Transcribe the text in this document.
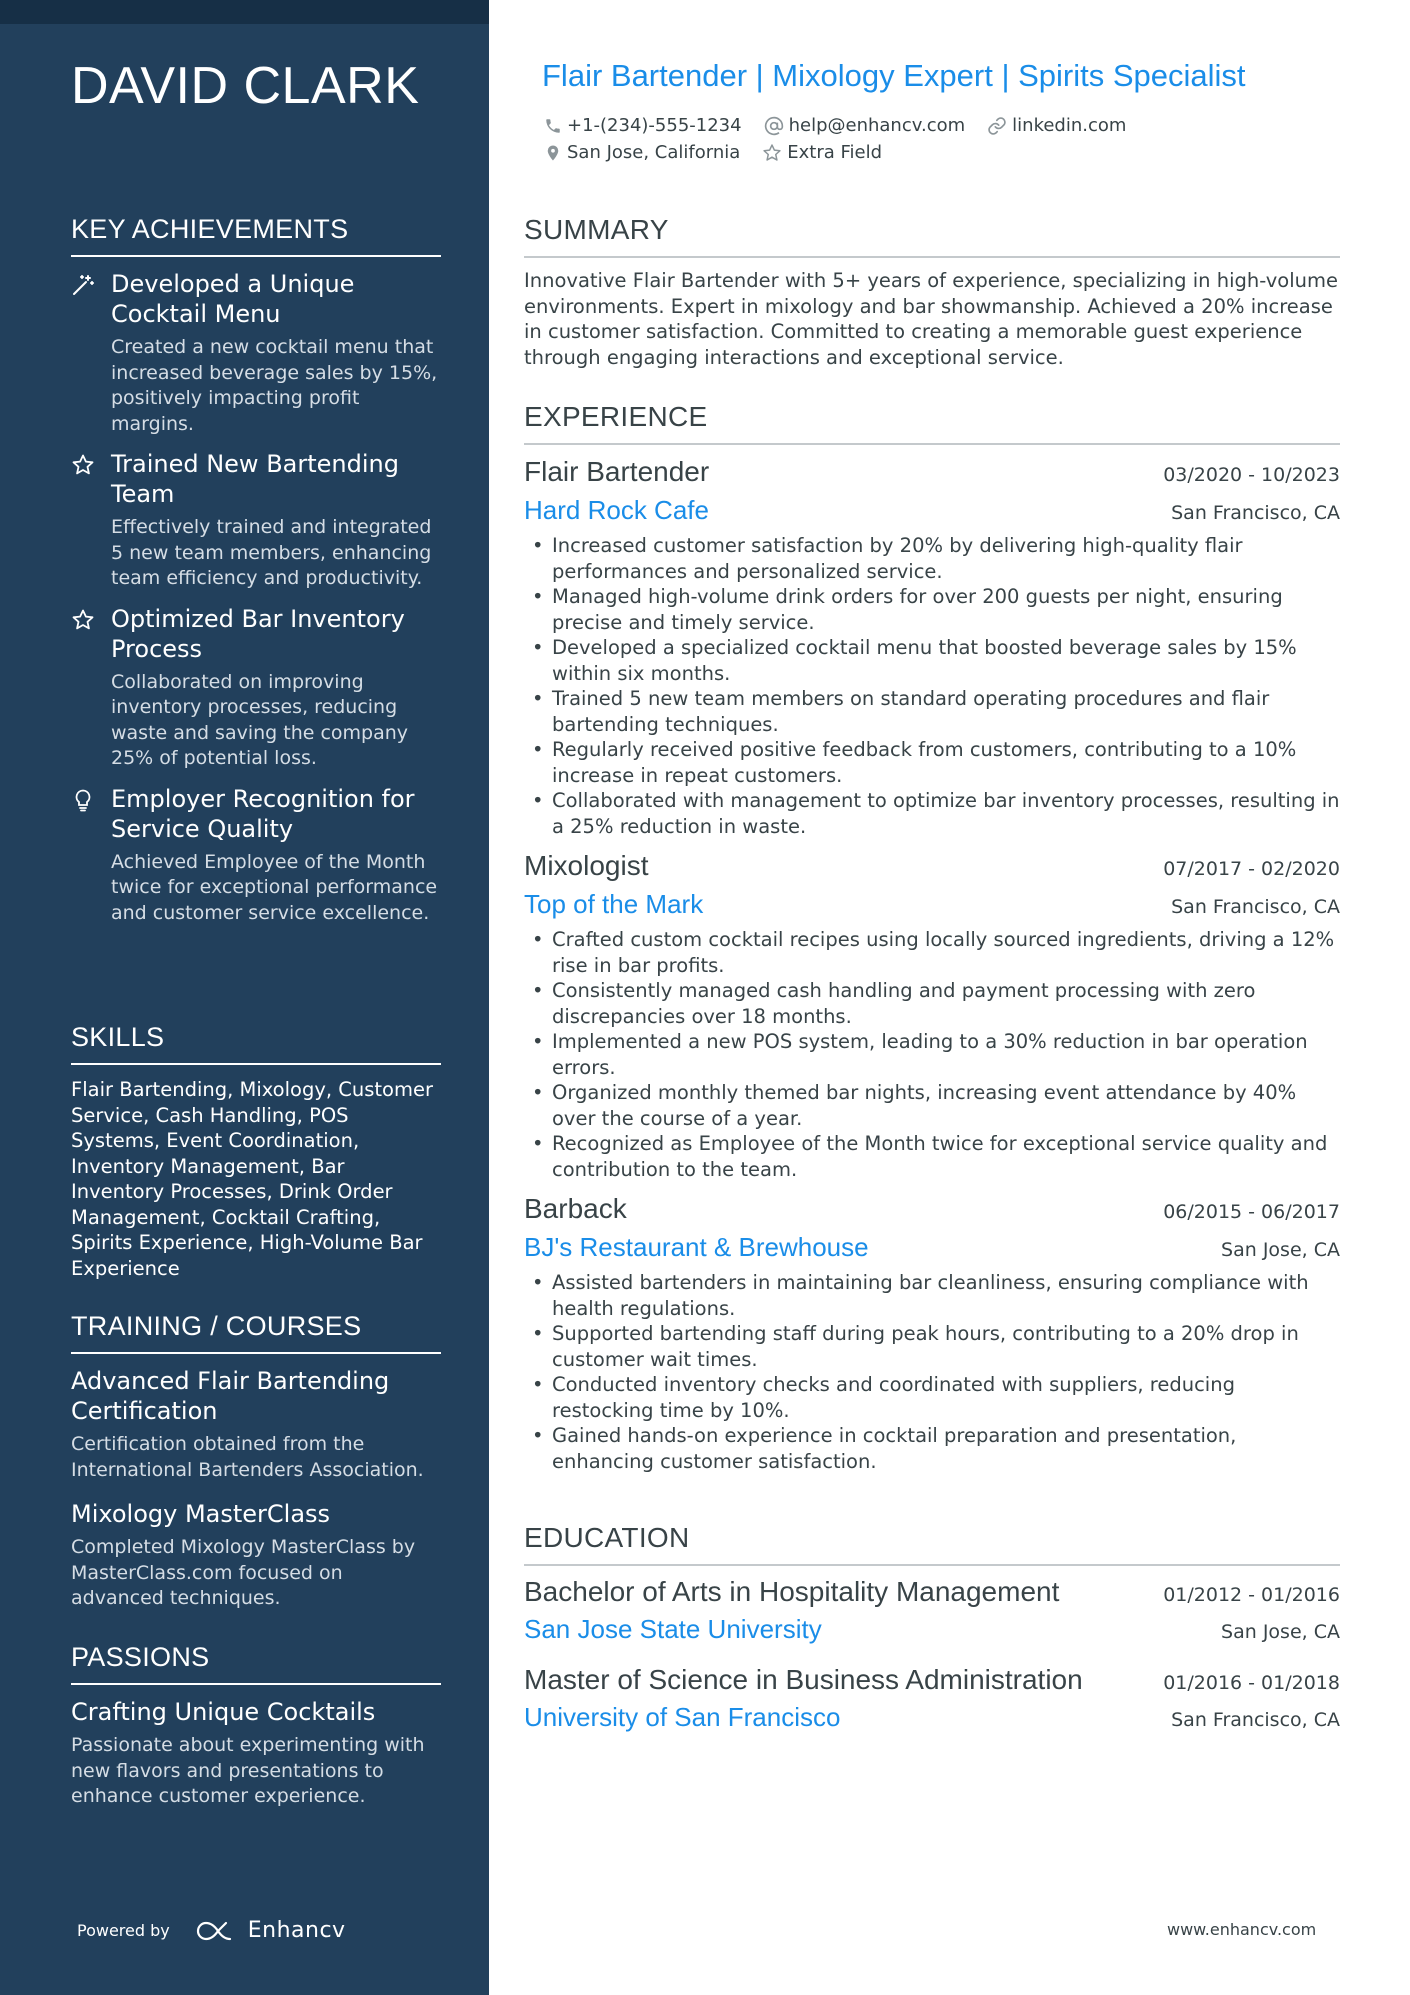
DAVID CLARK
KEY ACHIEVEMENTS
Developed a Unique Cocktail Menu
Created a new cocktail menu that increased beverage sales by 15%, positively impacting profit margins.
Trained New Bartending Team
Effectively trained and integrated 5 new team members, enhancing team efficiency and productivity.
Optimized Bar Inventory Process
Collaborated on improving inventory processes, reducing waste and saving the company 25% of potential loss.
Employer Recognition for Service Quality
Achieved Employee of the Month twice for exceptional performance and customer service excellence.
SKILLS
Flair Bartending, Mixology, Customer Service, Cash Handling, POS Systems, Event Coordination, Inventory Management, Bar Inventory Processes, Drink Order Management, Cocktail Crafting, Spirits Experience, High-Volume Bar Experience
TRAINING / COURSES
Advanced Flair Bartending Certification
Certification obtained from the International Bartenders Association.
Mixology MasterClass
Completed Mixology MasterClass by MasterClass.com focused on advanced techniques.
PASSIONS
Crafting Unique Cocktails
Passionate about experimenting with new flavors and presentations to enhance customer experience.
Powered by	Enhancv
Flair Bartender | Mixology Expert | Spirits Specialist
+1-(234)-555-1234	help@enhancv.com	linkedin.com
San Jose, California	Extra Field
SUMMARY
Innovative Flair Bartender with 5+ years of experience, specializing in high-volume environments. Expert in mixology and bar showmanship. Achieved a 20% increase in customer satisfaction. Committed to creating a memorable guest experience through engaging interactions and exceptional service.
EXPERIENCE
Flair Bartender	03/2020 - 10/2023
Hard Rock Cafe	San Francisco, CA
• Increased customer satisfaction by 20% by delivering high-quality flair performances and personalized service.
• Managed high-volume drink orders for over 200 guests per night, ensuring precise and timely service.
• Developed a specialized cocktail menu that boosted beverage sales by 15% within six months.
• Trained 5 new team members on standard operating procedures and flair bartending techniques.
• Regularly received positive feedback from customers, contributing to a 10% increase in repeat customers.
• Collaborated with management to optimize bar inventory processes, resulting in a 25% reduction in waste.
Mixologist	07/2017 - 02/2020
Top of the Mark	San Francisco, CA
• Crafted custom cocktail recipes using locally sourced ingredients, driving a 12% rise in bar profits.
• Consistently managed cash handling and payment processing with zero discrepancies over 18 months.
• Implemented a new POS system, leading to a 30% reduction in bar operation errors.
• Organized monthly themed bar nights, increasing event attendance by 40% over the course of a year.
• Recognized as Employee of the Month twice for exceptional service quality and contribution to the team.
Barback	06/2015 - 06/2017
BJ's Restaurant & Brewhouse	San Jose, CA
• Assisted bartenders in maintaining bar cleanliness, ensuring compliance with health regulations.
• Supported bartending staff during peak hours, contributing to a 20% drop in customer wait times.
• Conducted inventory checks and coordinated with suppliers, reducing restocking time by 10%.
• Gained hands-on experience in cocktail preparation and presentation, enhancing customer satisfaction.
EDUCATION
Bachelor of Arts in Hospitality Management	01/2012 - 01/2016
San Jose State University	San Jose, CA
Master of Science in Business Administration	01/2016 - 01/2018
University of San Francisco	San Francisco, CA
www.enhancv.com
